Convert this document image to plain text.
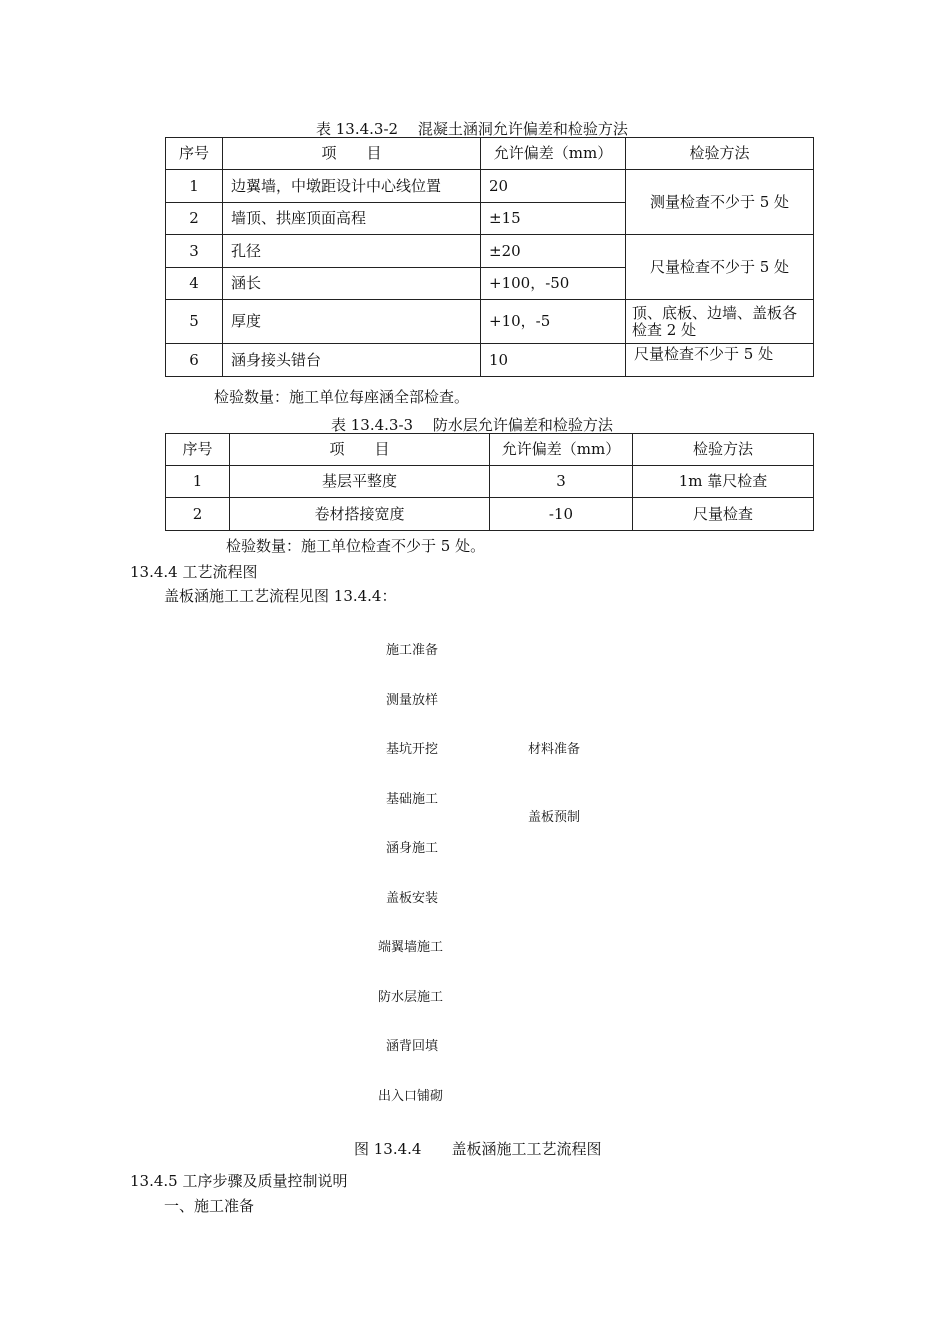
表 13.4.3-2　 混凝土涵洞允许偏差和检验方法
序号	项　　目	允许偏差（mm）	检验方法
1	边翼墙，中墩距设计中心线位置	20	测量检查不少于 5 处
2	墙顶、拱座顶面高程	±15	
3	孔径	±20	尺量检查不少于 5 处
4	涵长	+100，-50	
5	厚度	+10，-5	顶、底板、边墙、盖板各检查 2 处
6	涵身接头错台	10	尺量检查不少于 5 处
检验数量：施工单位每座涵全部检查。
表 13.4.3-3　 防水层允许偏差和检验方法
序号	项　　目	允许偏差（mm）	检验方法
1	基层平整度	3	1m 靠尺检查
2	卷材搭接宽度	-10	尺量检查
检验数量：施工单位检查不少于 5 处。
13.4.4 工艺流程图
盖板涵施工工艺流程见图 13.4.4：
施工准备
测量放样
基坑开挖
基础施工
涵身施工
盖板安装
端翼墙施工
防水层施工
涵背回填
出入口铺砌
材料准备
盖板预制
图 13.4.4　　盖板涵施工工艺流程图
13.4.5 工序步骤及质量控制说明
一、施工准备
